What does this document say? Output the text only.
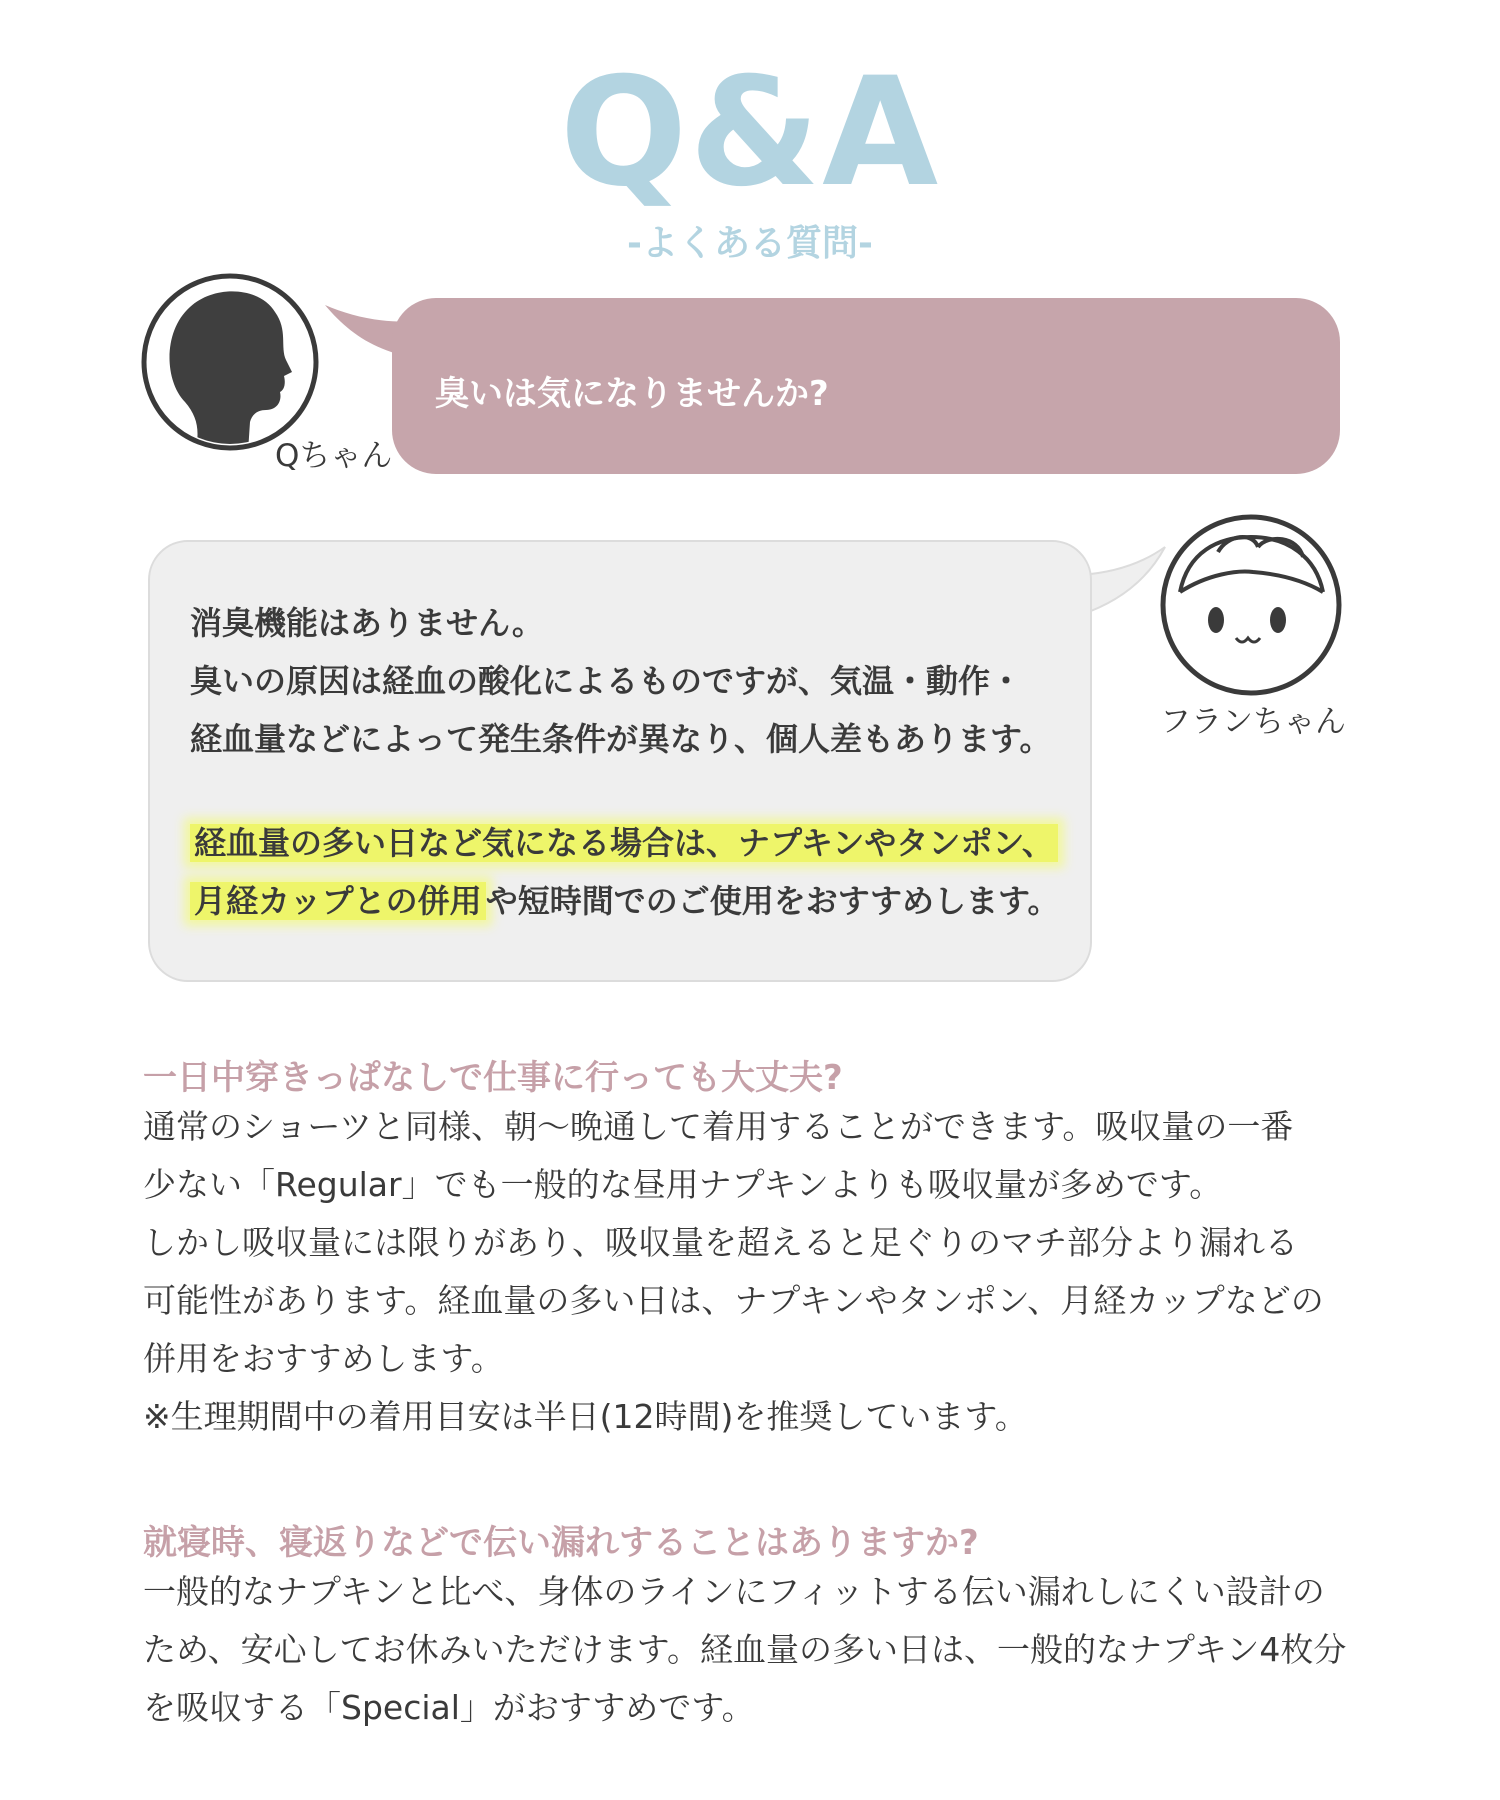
Q&A
-よくある質問-
Qちゃん
臭いは気になりませんか?
消臭機能はありません。
臭いの原因は経血の酸化によるものですが、気温・動作・
経血量などによって発生条件が異なり、個人差もあります。
経血量の多い日など気になる場合は、ナプキンやタンポン、
月経カップとの併用 や短時間でのご使用をおすすめします。
フランちゃん
一日中穿きっぱなしで仕事に行っても大丈夫?
通常のショーツと同様、朝〜晩通して着用することができます。吸収量の一番
少ない「Regular」でも一般的な昼用ナプキンよりも吸収量が多めです。
しかし吸収量には限りがあり、吸収量を超えると足ぐりのマチ部分より漏れる
可能性があります。経血量の多い日は、ナプキンやタンポン、月経カップなどの
併用をおすすめします。
※生理期間中の着用目安は半日(12時間)を推奨しています。
就寝時、寝返りなどで伝い漏れすることはありますか?
一般的なナプキンと比べ、身体のラインにフィットする伝い漏れしにくい設計の
ため、安心してお休みいただけます。経血量の多い日は、一般的なナプキン4枚分
を吸収する「Special」がおすすめです。
